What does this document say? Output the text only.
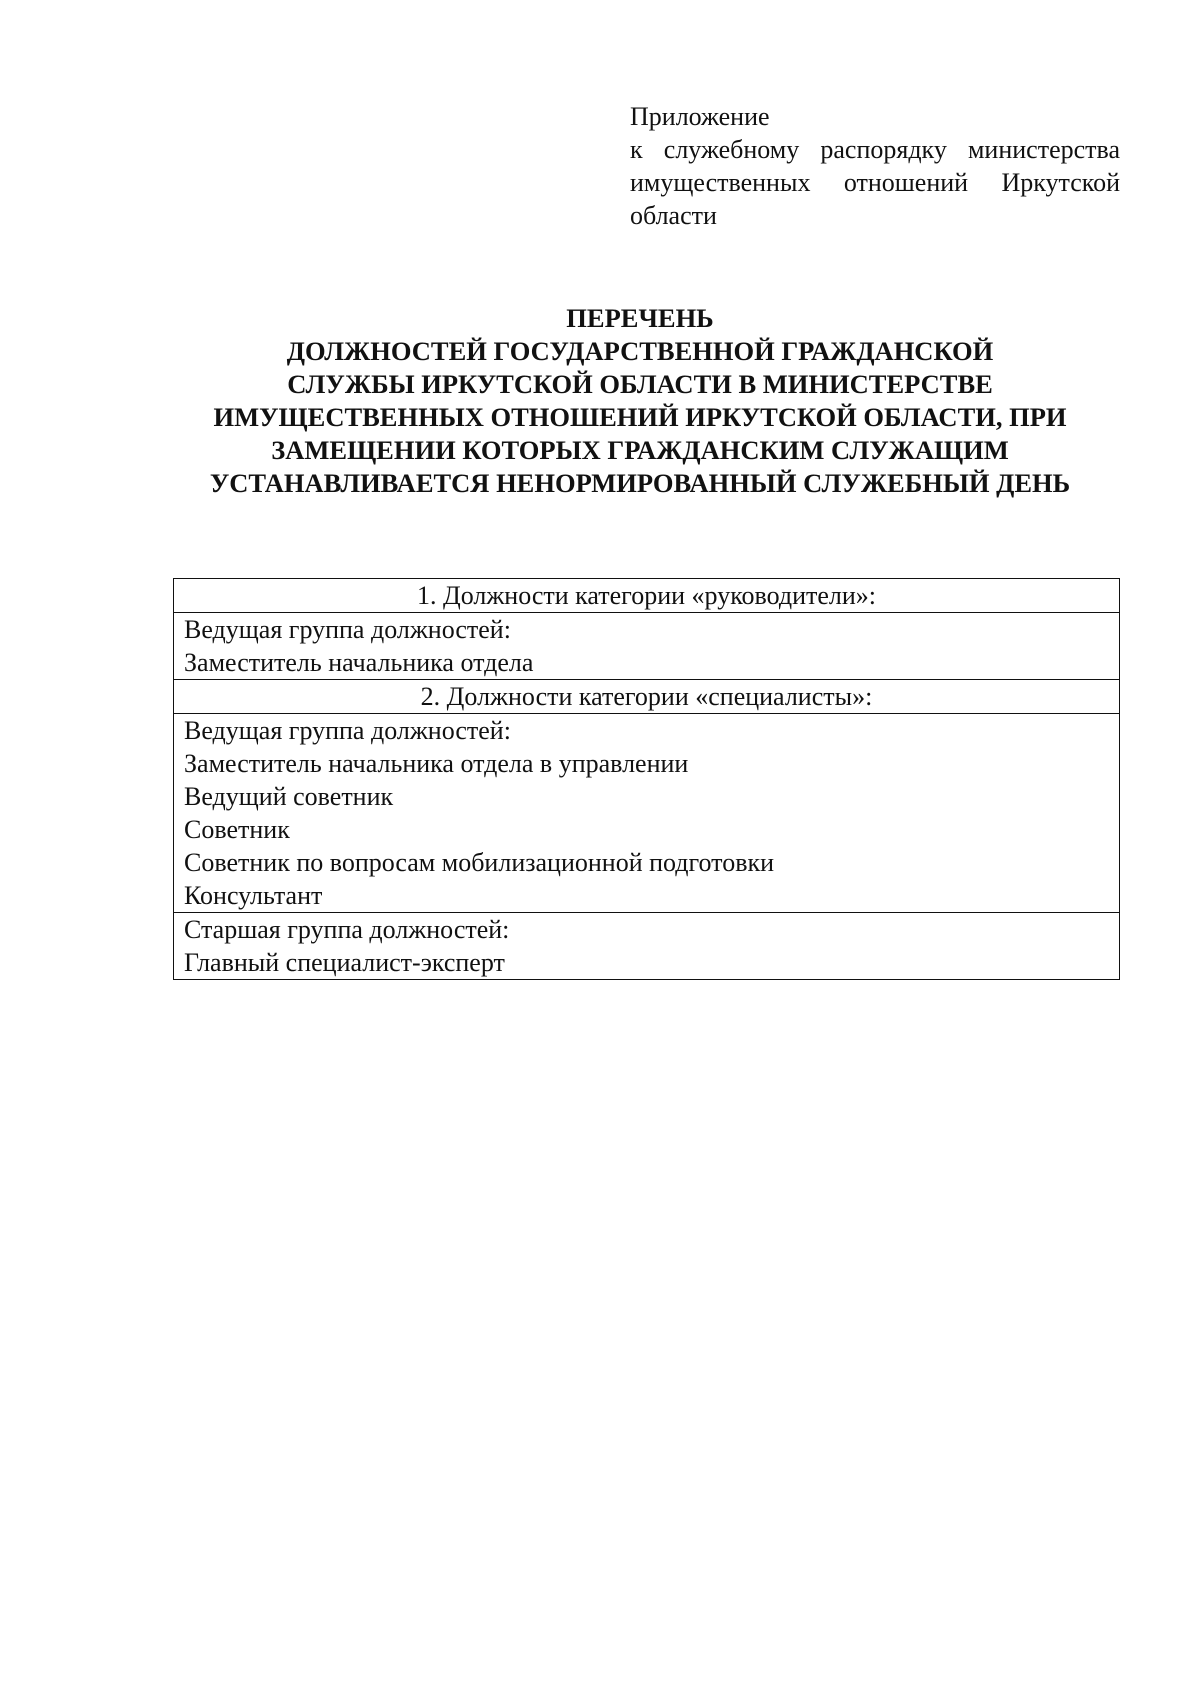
Приложение
к служебному распорядку министерства
имущественных отношений Иркутской
области
ПЕРЕЧЕНЬ
ДОЛЖНОСТЕЙ ГОСУДАРСТВЕННОЙ ГРАЖДАНСКОЙ
СЛУЖБЫ ИРКУТСКОЙ ОБЛАСТИ В МИНИСТЕРСТВЕ
ИМУЩЕСТВЕННЫХ ОТНОШЕНИЙ ИРКУТСКОЙ ОБЛАСТИ, ПРИ
ЗАМЕЩЕНИИ КОТОРЫХ ГРАЖДАНСКИМ СЛУЖАЩИМ
УСТАНАВЛИВАЕТСЯ НЕНОРМИРОВАННЫЙ СЛУЖЕБНЫЙ ДЕНЬ
1. Должности категории «руководители»:
Ведущая группа должностей:
Заместитель начальника отдела
2. Должности категории «специалисты»:
Ведущая группа должностей:
Заместитель начальника отдела в управлении
Ведущий советник
Советник
Советник по вопросам мобилизационной подготовки
Консультант
Старшая группа должностей:
Главный специалист-эксперт
